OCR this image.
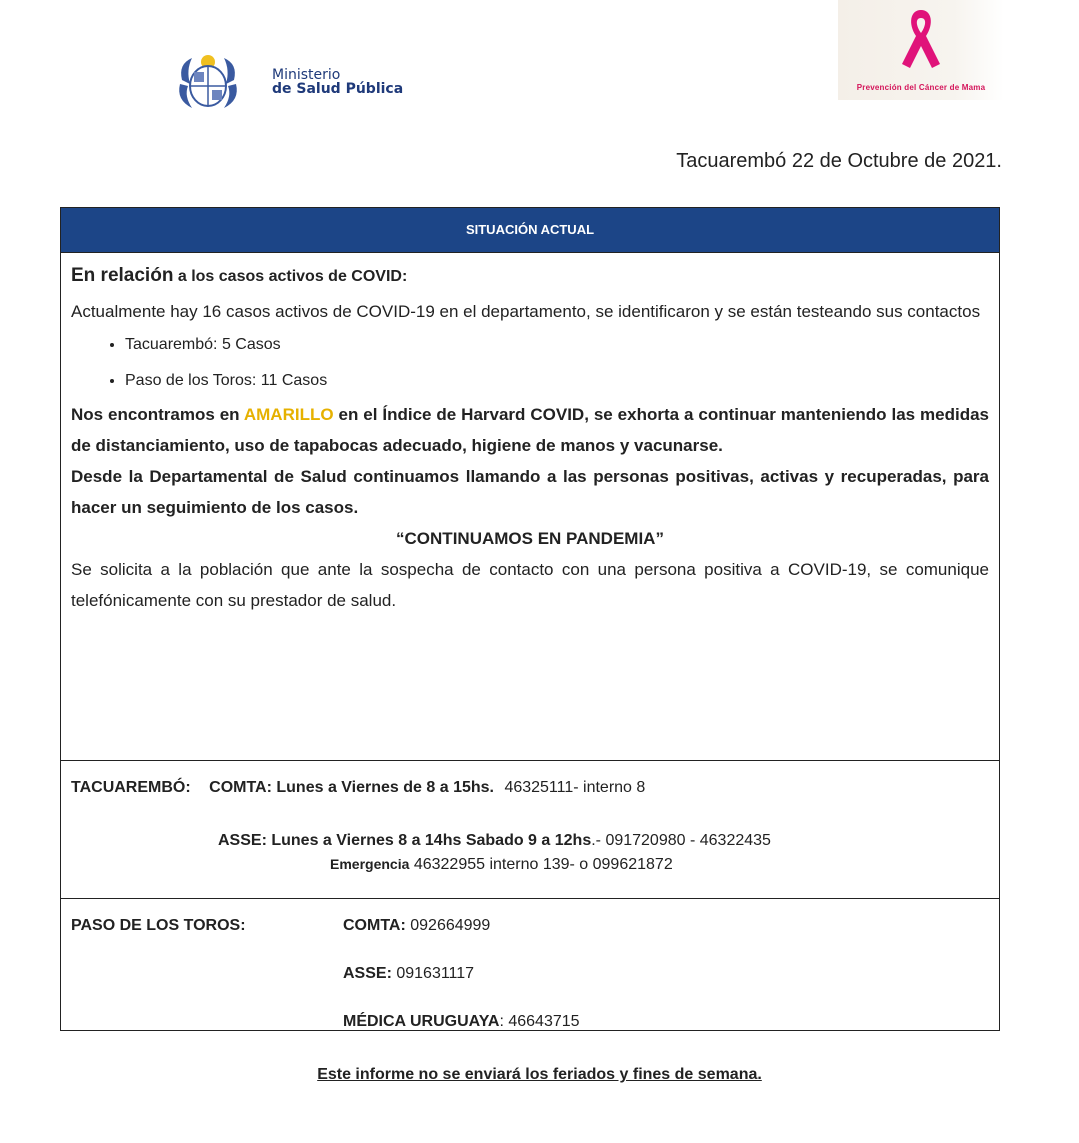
Ministerio
de Salud Pública	Prevención del Cáncer de Mama
Tacuarembó 22 de Octubre de 2021.
SITUACIÓN ACTUAL
En relación a los casos activos de COVID:

Actualmente hay 16 casos activos de COVID-19 en el departamento, se identificaron y se están testeando sus contactos

• Tacuarembó: 5 Casos
• Paso de los Toros: 11 Casos

Nos encontramos en AMARILLO en el Índice de Harvard COVID, se exhorta a continuar manteniendo las medidas de distanciamiento, uso de tapabocas adecuado, higiene de manos y vacunarse.

Desde la Departamental de Salud continuamos llamando a las personas positivas, activas y recuperadas, para hacer un seguimiento de los casos.

“CONTINUAMOS EN PANDEMIA”

Se solicita a la población que ante la sospecha de contacto con una persona positiva a COVID-19, se comunique telefónicamente con su prestador de salud.

TACUAREMBÓ: COMTA: Lunes a Viernes de 8 a 15hs. 46325111- interno 8
ASSE: Lunes a Viernes 8 a 14hs Sabado 9 a 12hs.- 091720980 - 46322435
Emergencia 46322955 interno 139- o 099621872
PASO DE LOS TOROS:	COMTA: 092664999
ASSE: 091631117
MÉDICA URUGUAYA: 46643715
Este informe no se enviará los feriados y fines de semana.
